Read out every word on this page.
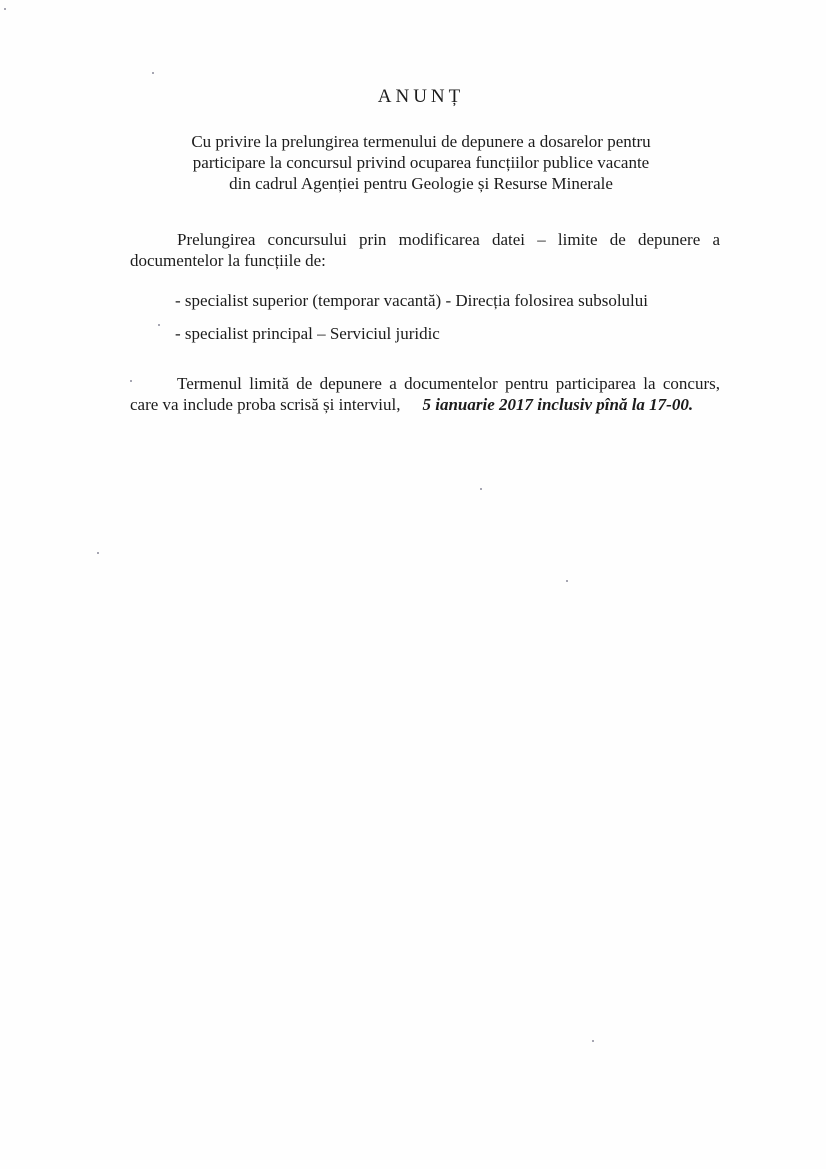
ANUNȚ
Cu privire la prelungirea termenului de depunere a dosarelor pentru
participare la concursul privind ocuparea funcțiilor publice vacante
din cadrul Agenției pentru Geologie și Resurse Minerale

Prelungirea concursului prin modificarea datei – limite de depunere a documentelor la funcțiile de:

- specialist superior (temporar vacantă) - Direcția folosirea subsolului
- specialist principal – Serviciul juridic

Termenul limită de depunere a documentelor pentru participarea la concurs, care va include proba scrisă și interviul, 5 ianuarie 2017 inclusiv pînă la 17-00.
